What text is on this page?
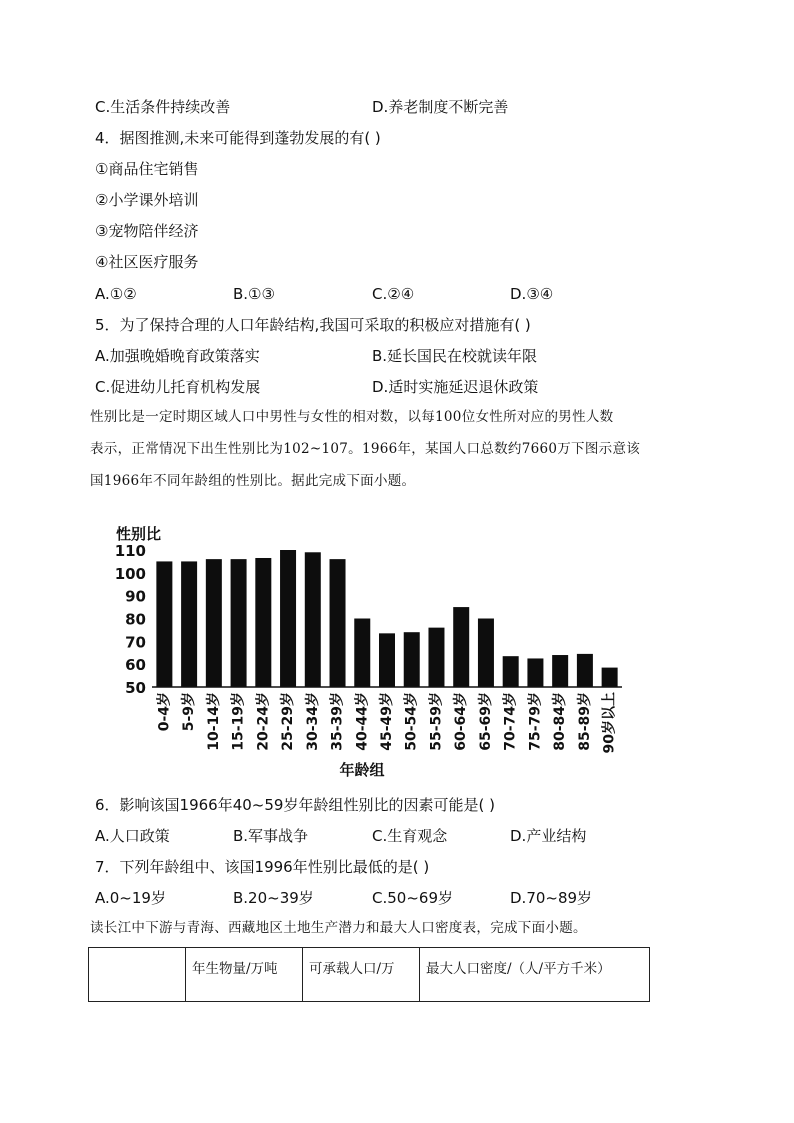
C.生活条件持续改善	D.养老制度不断完善
4．据图推测,未来可能得到蓬勃发展的有( )
①商品住宅销售
②小学课外培训
③宠物陪伴经济
④社区医疗服务
A.①②	B.①③	C.②④	D.③④
5．为了保持合理的人口年龄结构,我国可采取的积极应对措施有( )
A.加强晚婚晚育政策落实	B.延长国民在校就读年限
C.促进幼儿托育机构发展	D.适时实施延迟退休政策
性别比是一定时期区域人口中男性与女性的相对数，以每100位女性所对应的男性人数
表示，正常情况下出生性别比为102~107。1966年，某国人口总数约7660万下图示意该
国1966年不同年龄组的性别比。据此完成下面小题。
性别比
110
100
90
80
70
60
50
0-4岁 5-9岁 10-14岁 15-19岁 20-24岁 25-29岁 30-34岁 35-39岁 40-44岁 45-49岁 50-54岁 55-59岁 60-64岁 65-69岁 70-74岁 75-79岁 80-84岁 85-89岁 90岁以上
年龄组
6．影响该国1966年40~59岁年龄组性别比的因素可能是( )
A.人口政策	B.军事战争	C.生育观念	D.产业结构
7．下列年龄组中、该国1996年性别比最低的是( )
A.0~19岁	B.20~39岁	C.50~69岁	D.70~89岁
读长江中下游与青海、西藏地区土地生产潜力和最大人口密度表，完成下面小题。
	年生物量/万吨	可承载人口/万	最大人口密度/（人/平方千米）
